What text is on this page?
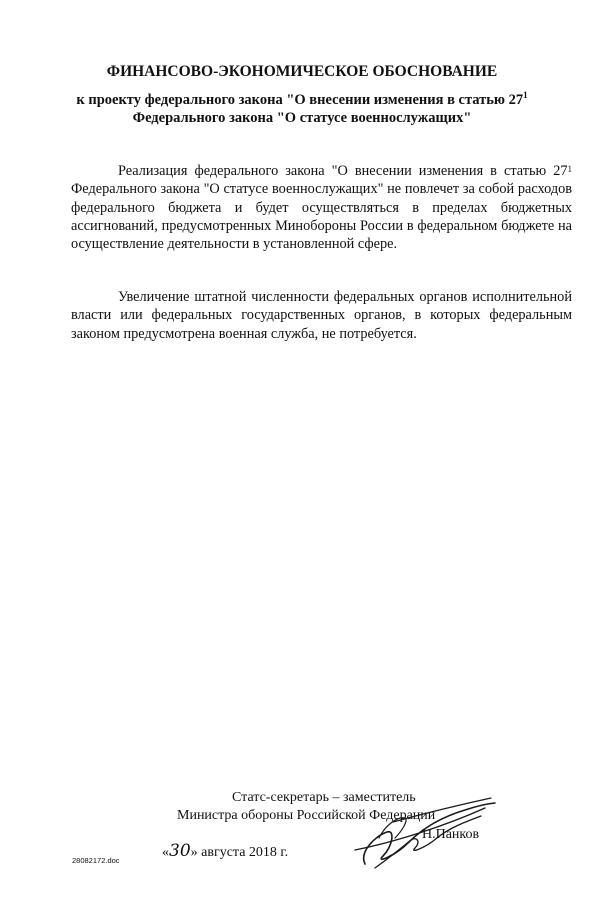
ФИНАНСОВО-ЭКОНОМИЧЕСКОЕ ОБОСНОВАНИЕ
к проекту федерального закона "О внесении изменения в статью $27^1$
Федерального закона "О статусе военнослужащих"
Реализация федерального закона "О внесении изменения в статью $27^1$ Федерального закона "О статусе военнослужащих" не повлечет за собой расходов федерального бюджета и будет осуществляться в пределах бюджетных ассигнований, предусмотренных Минобороны России в федеральном бюджете на осуществление деятельности в установленной сфере.
Увеличение штатной численности федеральных органов исполнительной власти или федеральных государственных органов, в которых федеральным законом предусмотрена военная служба, не потребуется.
Статс-секретарь – заместитель
Министра обороны Российской Федерации
Н.Панков
«30» августа 2018 г.
28082172.doc
